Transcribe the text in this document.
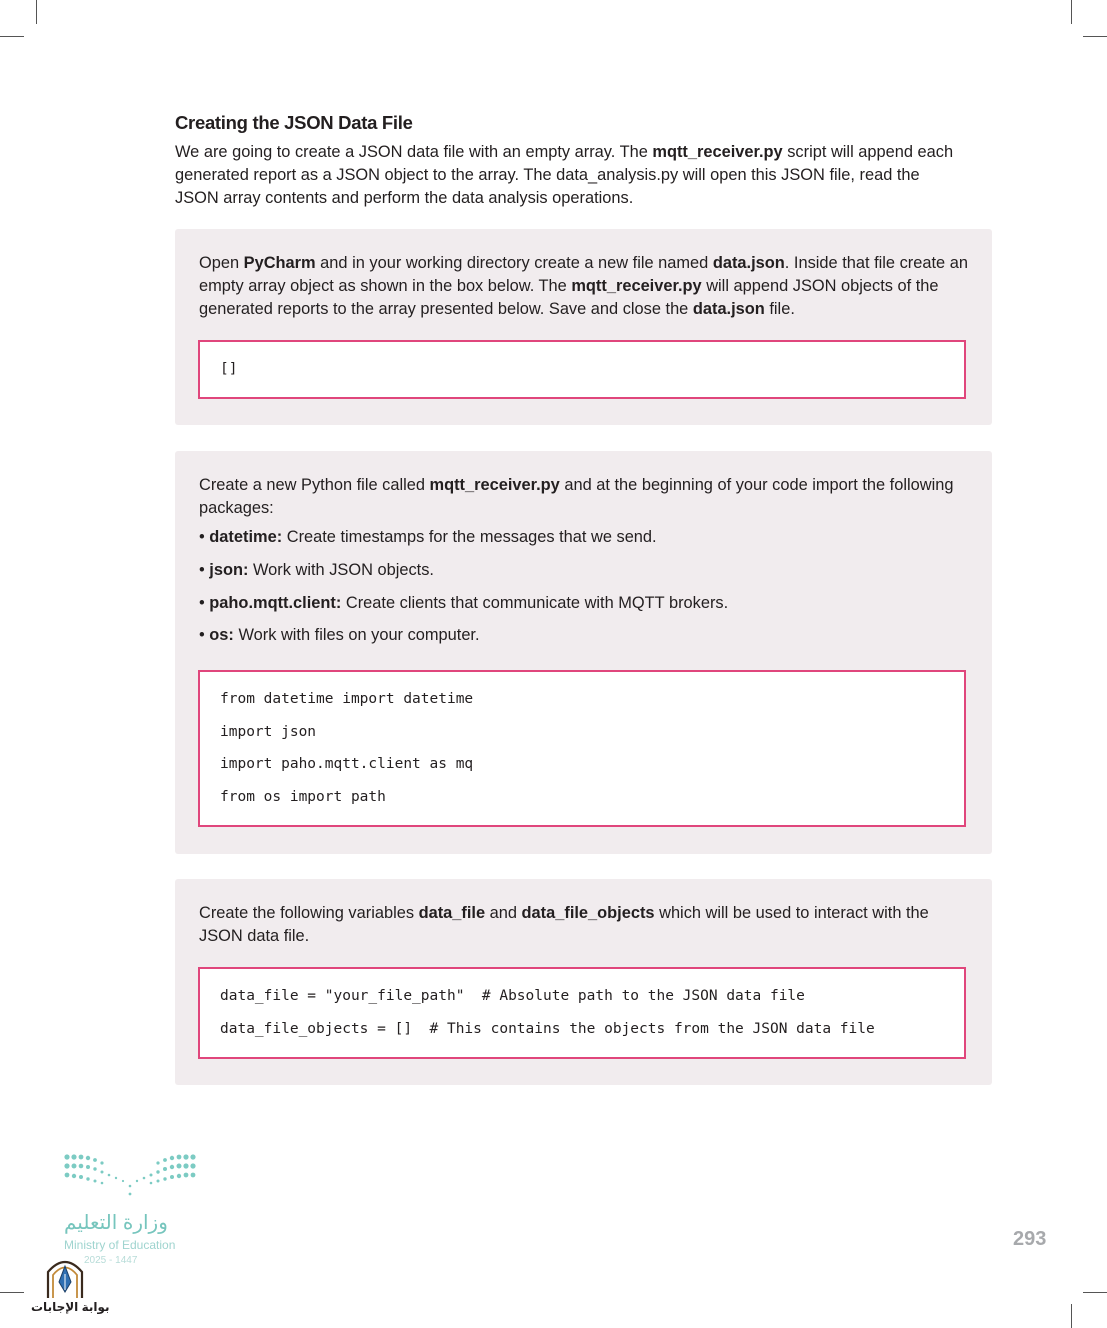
Creating the JSON Data File

We are going to create a JSON data file with an empty array. The mqtt_receiver.py script will append each generated report as a JSON object to the array. The data_analysis.py will open this JSON file, read the JSON array contents and perform the data analysis operations.

Open PyCharm and in your working directory create a new file named data.json. Inside that file create an empty array object as shown in the box below. The mqtt_receiver.py will append JSON objects of the generated reports to the array presented below. Save and close the data.json file.

[]

Create a new Python file called mqtt_receiver.py and at the beginning of your code import the following packages:

• datetime: Create timestamps for the messages that we send.
• json: Work with JSON objects.
• paho.mqtt.client: Create clients that communicate with MQTT brokers.
• os: Work with files on your computer.
from datetime import datetime
import json
import paho.mqtt.client as mq
from os import path

Create the following variables data_file and data_file_objects which will be used to interact with the JSON data file.

data_file = "your_file_path"  # Absolute path to the JSON data file
data_file_objects = []  # This contains the objects from the JSON data file
وزارة التعليم
Ministry of Education
2025 - 1447
بوابة الإجابات
293
